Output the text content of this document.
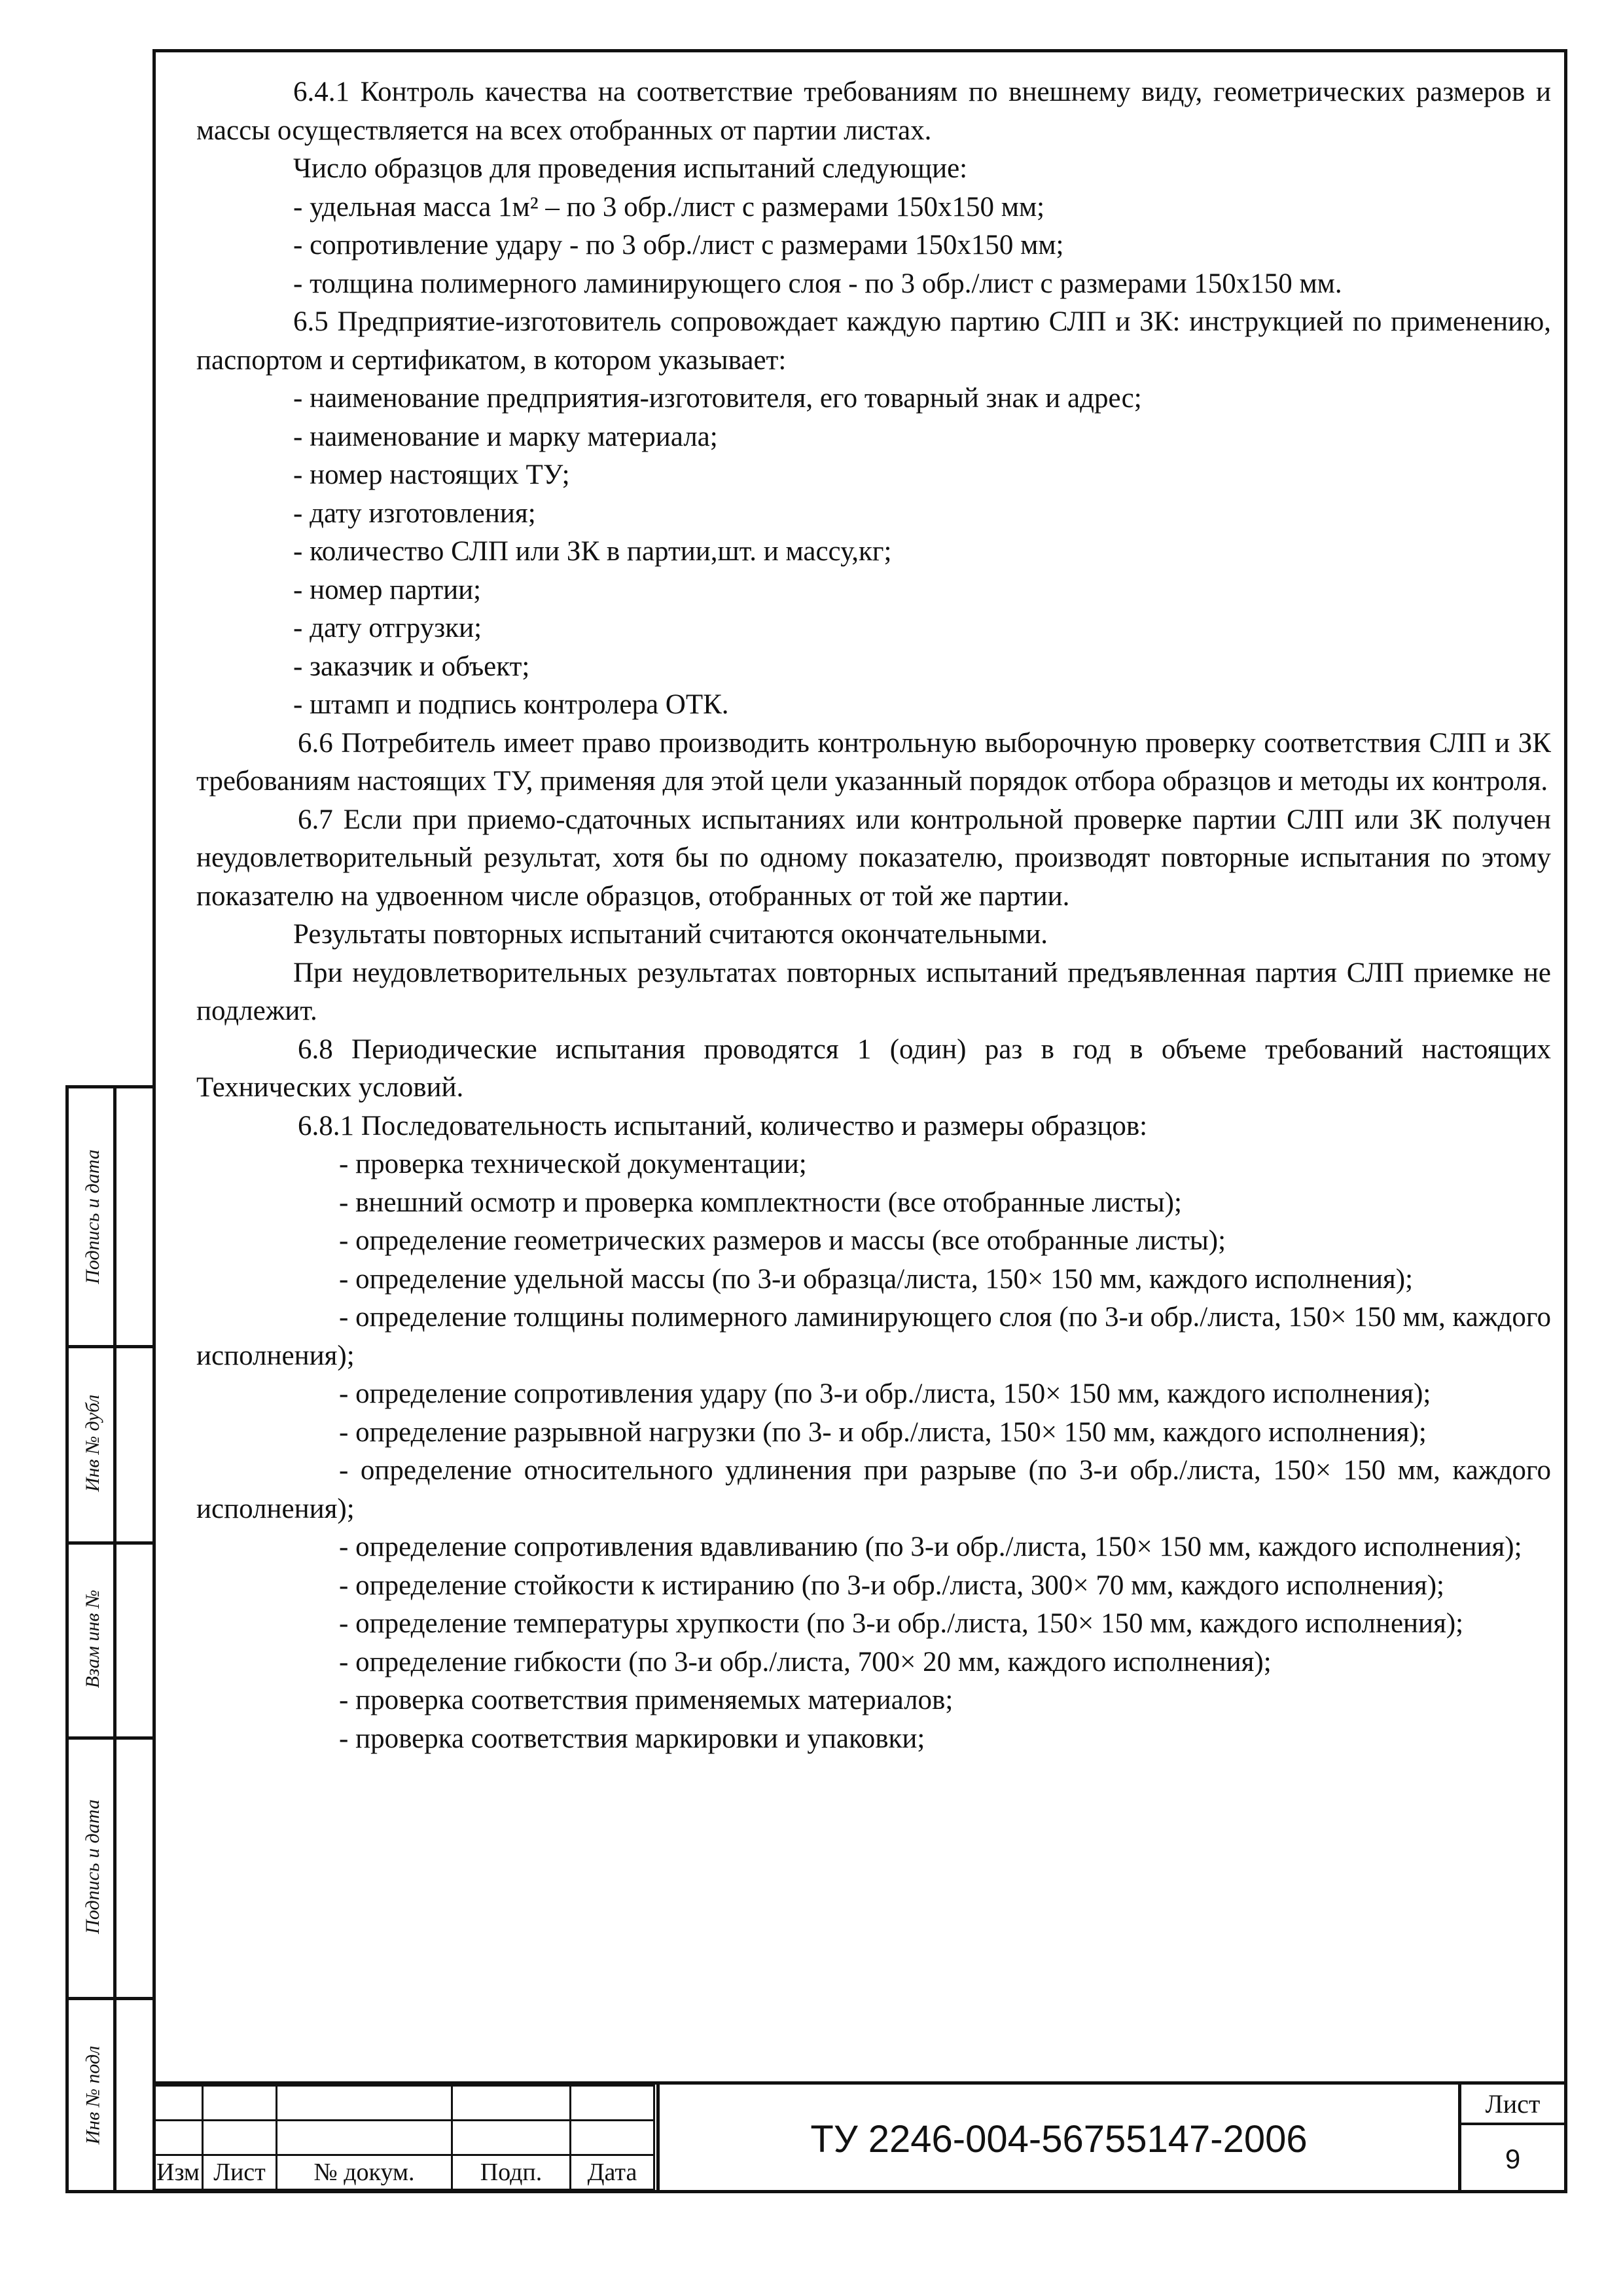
6.4.1 Контроль качества на соответствие требованиям по внешнему виду, геометрических размеров и массы осуществляется на всех отобранных от партии листах.

Число образцов для проведения испытаний следующие:

- удельная масса 1м² – по 3 обр./лист с размерами 150х150 мм;

- сопротивление удару - по 3 обр./лист с размерами 150х150 мм;

- толщина полимерного ламинирующего слоя - по 3 обр./лист с размерами 150х150 мм.

6.5 Предприятие-изготовитель сопровождает каждую партию СЛП и ЗК: инструкцией по применению, паспортом и сертификатом, в котором указывает:

- наименование предприятия-изготовителя, его товарный знак и адрес;

- наименование и марку материала;

- номер настоящих ТУ;

- дату изготовления;

- количество СЛП или ЗК в партии,шт. и массу,кг;

- номер партии;

- дату отгрузки;

- заказчик и объект;

- штамп и подпись контролера ОТК.

6.6 Потребитель имеет право производить контрольную выборочную проверку соответствия СЛП и ЗК требованиям настоящих ТУ, применяя для этой цели указанный порядок отбора образцов и методы их контроля.

6.7 Если при приемо-сдаточных испытаниях или контрольной проверке партии СЛП или ЗК получен неудовлетворительный результат, хотя бы по одному показателю, производят повторные испытания по этому показателю на удвоенном числе образцов, отобранных от той же партии.

Результаты повторных испытаний считаются окончательными.

При неудовлетворительных результатах повторных испытаний предъявленная партия СЛП приемке не подлежит.

6.8 Периодические испытания проводятся 1 (один) раз в год в объеме требований настоящих Технических условий.

6.8.1 Последовательность испытаний, количество и размеры образцов:

- проверка технической документации;

- внешний осмотр и проверка комплектности (все отобранные листы);

- определение геометрических размеров и массы (все отобранные листы);

- определение удельной массы (по 3-и образца/листа, 150× 150 мм, каждого исполнения);

- определение толщины полимерного ламинирующего слоя (по 3-и обр./листа, 150× 150 мм, каждого исполнения);

- определение сопротивления удару (по 3-и обр./листа, 150× 150 мм, каждого исполнения);

- определение разрывной нагрузки (по 3- и обр./листа, 150× 150 мм, каждого исполнения);

- определение относительного удлинения при разрыве (по 3-и обр./листа, 150× 150 мм, каждого исполнения);

- определение сопротивления вдавливанию (по 3-и обр./листа, 150× 150 мм, каждого исполнения);

- определение стойкости к истиранию (по 3-и обр./листа, 300× 70 мм, каждого исполнения);

- определение температуры хрупкости (по 3-и обр./листа, 150× 150 мм, каждого исполнения);

- определение гибкости (по 3-и обр./листа, 700× 20 мм, каждого исполнения);

- проверка соответствия применяемых материалов;

- проверка соответствия маркировки и упаковки;

Подпись и дата
Инв № дубл
Взам инв №
Подпись и дата
Инв № подл

Изм	Лист	№ докум.	Подп.	Дата
ТУ 2246-004-56755147-2006
Лист
9
